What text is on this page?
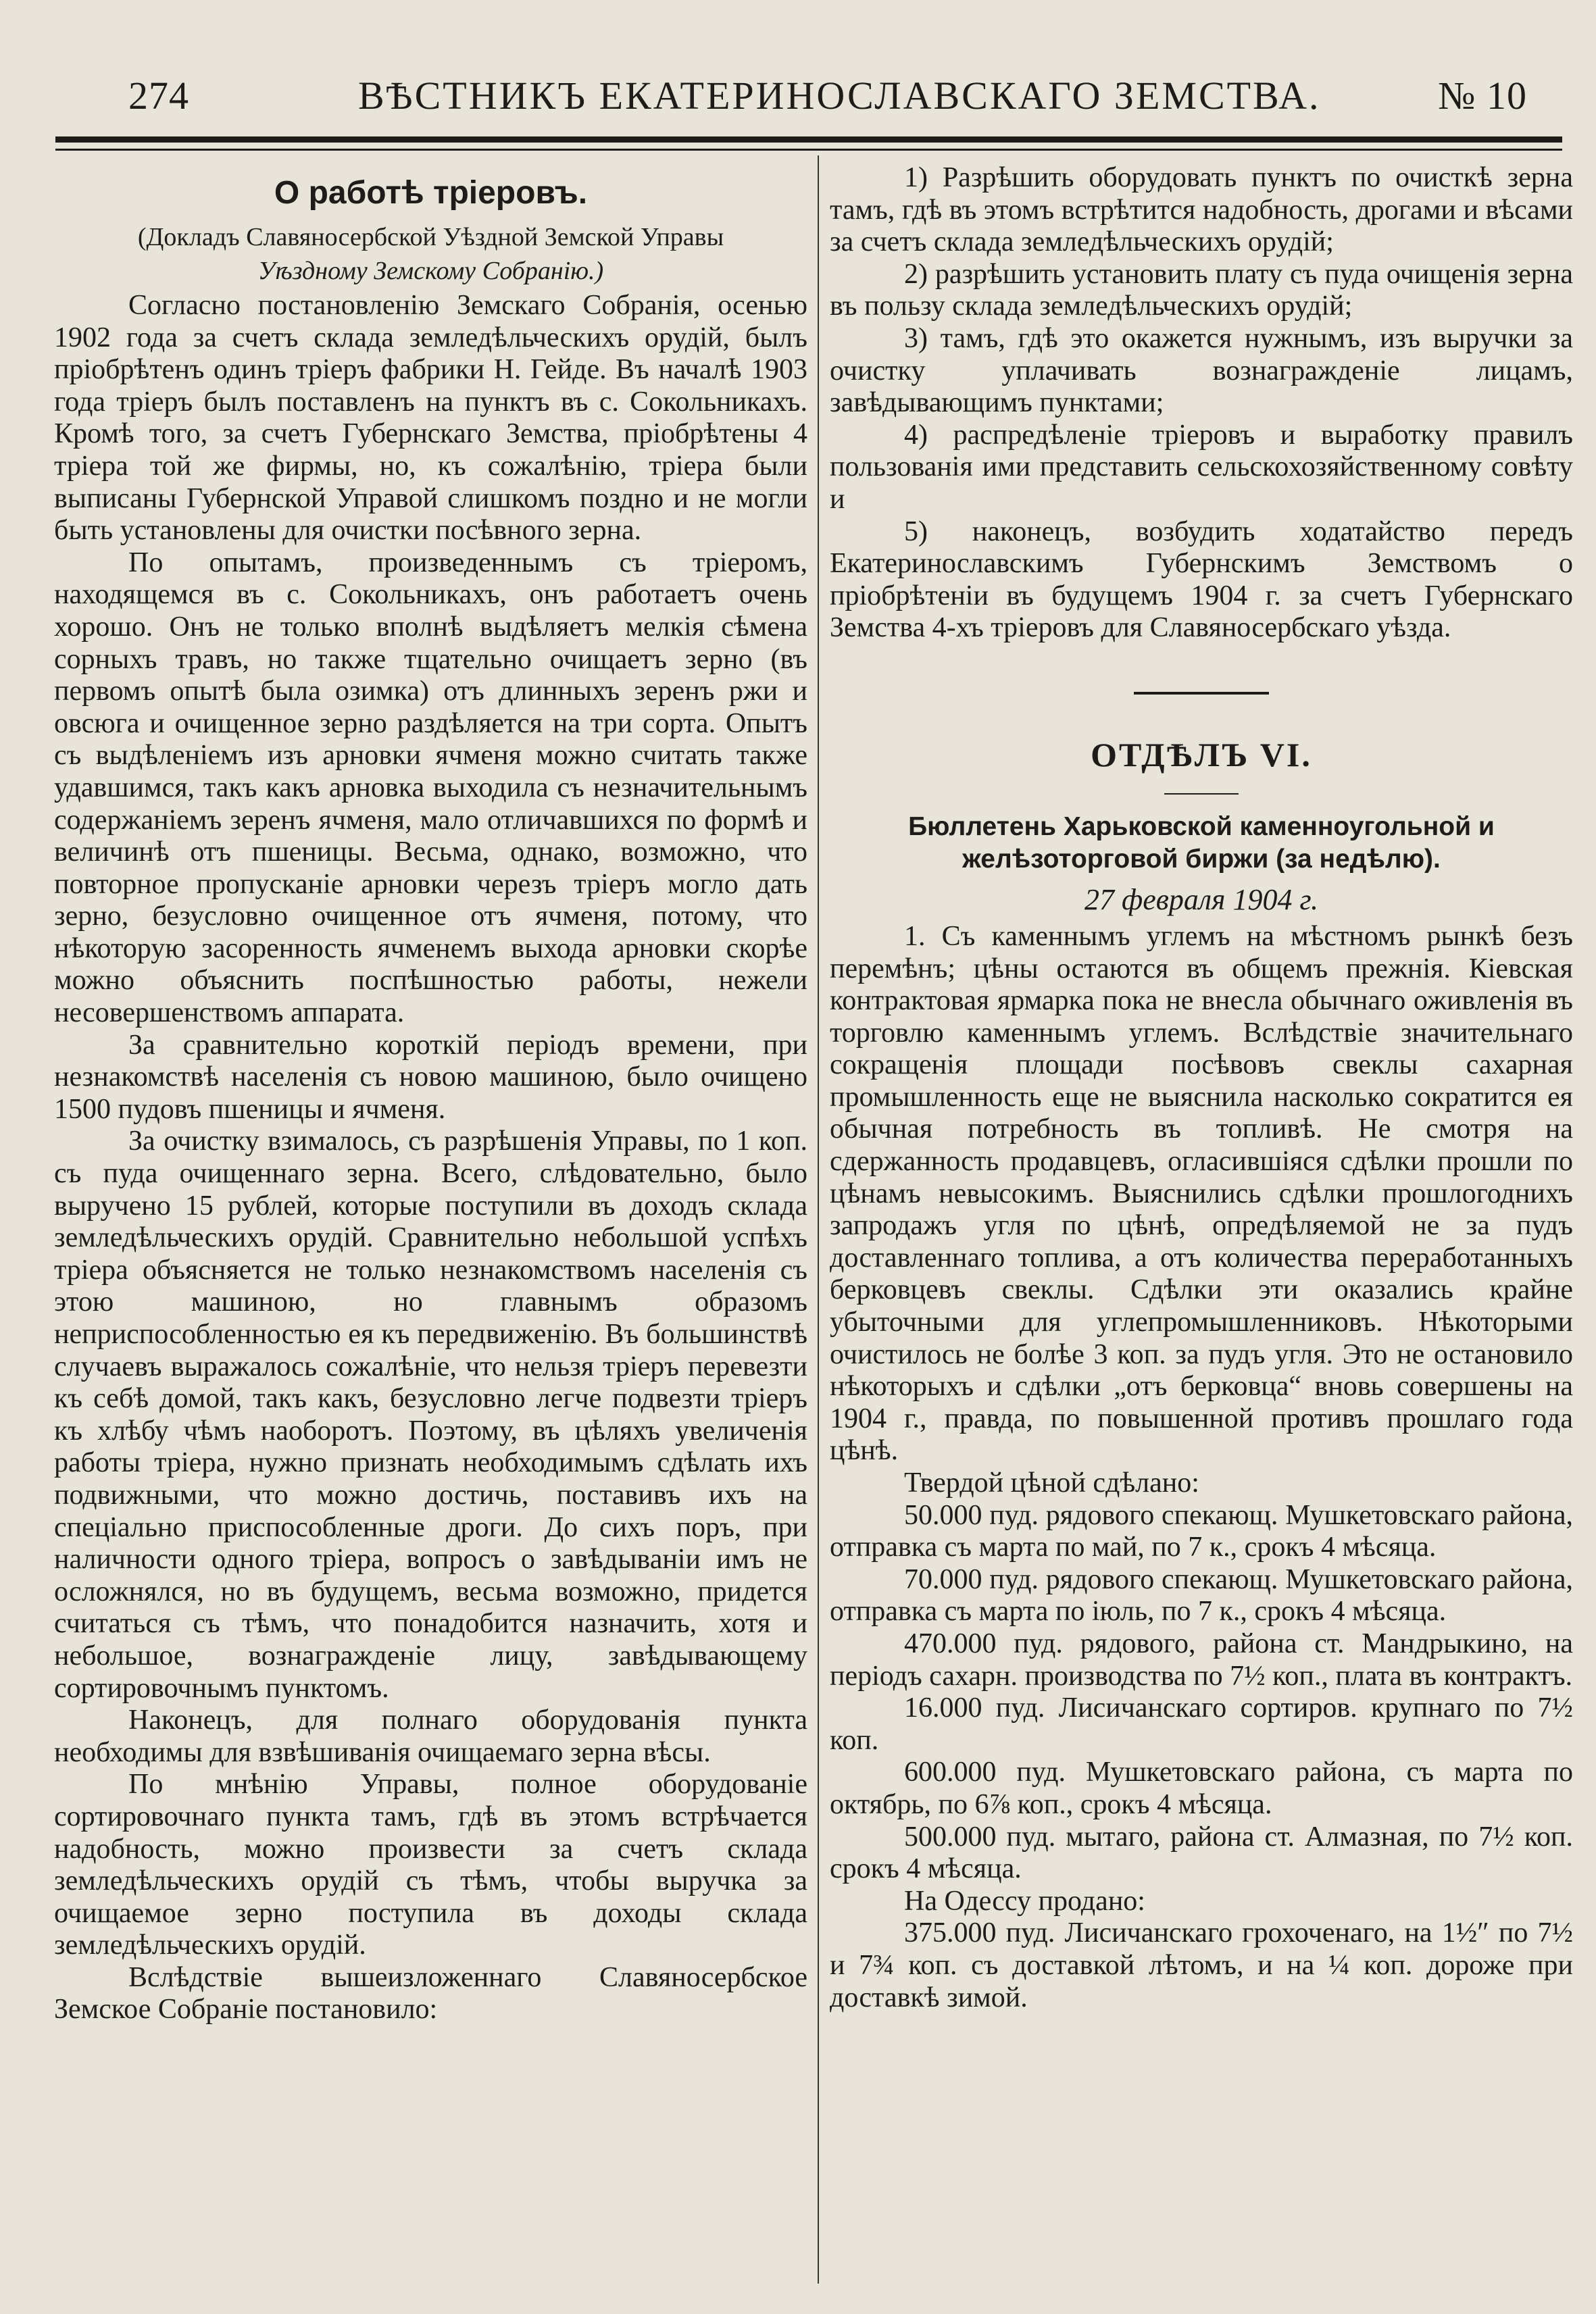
274	ВѢСТНИКЪ ЕКАТЕРИНОСЛАВСКАГО ЗЕМСТВА.	№ 10
О работѣ тріеровъ.

(Докладъ Славяносербской Уѣздной Земской Управы

Уѣздному Земскому Собранію.)

Согласно постановленію Земскаго Собранія, осенью 1902 года за счетъ склада земледѣльческихъ орудій, былъ пріобрѣтенъ одинъ тріеръ фабрики Н. Гейде. Въ началѣ 1903 года тріеръ былъ поставленъ на пунктъ въ с. Сокольникахъ. Кромѣ того, за счетъ Губернскаго Земства, пріобрѣтены 4 тріера той же фирмы, но, къ сожалѣнію, тріера были выписаны Губернской Управой слишкомъ поздно и не могли быть установлены для очистки посѣвного зерна.

По опытамъ, произведеннымъ съ тріеромъ, находящемся въ с. Сокольникахъ, онъ работаетъ очень хорошо. Онъ не только вполнѣ выдѣляетъ мелкія сѣмена сорныхъ травъ, но также тщательно очищаетъ зерно (въ первомъ опытѣ была озимка) отъ длинныхъ зеренъ ржи и овсюга и очищенное зерно раздѣляется на три сорта. Опытъ съ выдѣленіемъ изъ арновки ячменя можно считать также удавшимся, такъ какъ арновка выходила съ незначительнымъ содержаніемъ зеренъ ячменя, мало отличавшихся по формѣ и величинѣ отъ пшеницы. Весьма, однако, возможно, что повторное пропусканіе арновки черезъ тріеръ могло дать зерно, безусловно очищенное отъ ячменя, потому, что нѣкоторую засоренность ячменемъ выхода арновки скорѣе можно объяснить поспѣшностью работы, нежели несовершенствомъ аппарата.

За сравнительно короткій періодъ времени, при незнакомствѣ населенія съ новою машиною, было очищено 1500 пудовъ пшеницы и ячменя.

За очистку взималось, съ разрѣшенія Управы, по 1 коп. съ пуда очищеннаго зерна. Всего, слѣдовательно, было выручено 15 рублей, которые поступили въ доходъ склада земледѣльческихъ орудій. Сравнительно небольшой успѣхъ тріера объясняется не только незнакомствомъ населенія съ этою машиною, но главнымъ образомъ неприспособленностью ея къ передвиженію. Въ большинствѣ случаевъ выражалось сожалѣніе, что нельзя тріеръ перевезти къ себѣ домой, такъ какъ, безусловно легче подвезти тріеръ къ хлѣбу чѣмъ наоборотъ. Поэтому, въ цѣляхъ увеличенія работы тріера, нужно признать необходимымъ сдѣлать ихъ подвижными, что можно достичь, поставивъ ихъ на спеціально приспособленные дроги. До сихъ поръ, при наличности одного тріера, вопросъ о завѣдываніи имъ не осложнялся, но въ будущемъ, весьма возможно, придется считаться съ тѣмъ, что понадобится назначить, хотя и небольшое, вознагражденіе лицу, завѣдывающему сортировочнымъ пунктомъ.

Наконецъ, для полнаго оборудованія пункта необходимы для взвѣшиванія очищаемаго зерна вѣсы.

По мнѣнію Управы, полное оборудованіе сортировочнаго пункта тамъ, гдѣ въ этомъ встрѣчается надобность, можно произвести за счетъ склада земледѣльческихъ орудій съ тѣмъ, чтобы выручка за очищаемое зерно поступила въ доходы склада земледѣльческихъ орудій.

Вслѣдствіе вышеизложеннаго Славяносербское Земское Собраніе постановило:

1) Разрѣшить оборудовать пунктъ по очисткѣ зерна тамъ, гдѣ въ этомъ встрѣтится надобность, дрогами и вѣсами за счетъ склада земледѣльческихъ орудій;

2) разрѣшить установить плату съ пуда очищенія зерна въ пользу склада земледѣльческихъ орудій;

3) тамъ, гдѣ это окажется нужнымъ, изъ выручки за очистку уплачивать вознагражденіе лицамъ, завѣдывающимъ пунктами;

4) распредѣленіе тріеровъ и выработку правилъ пользованія ими представить сельскохозяйственному совѣту и

5) наконецъ, возбудить ходатайство передъ Екатеринославскимъ Губернскимъ Земствомъ о пріобрѣтеніи въ будущемъ 1904 г. за счетъ Губернскаго Земства 4-хъ тріеровъ для Славяносербскаго уѣзда.

ОТДѢЛЪ VI.

Бюллетень Харьковской каменноугольной и желѣзоторговой биржи (за недѣлю).

27 февраля 1904 г.

1. Съ каменнымъ углемъ на мѣстномъ рынкѣ безъ перемѣнъ; цѣны остаются въ общемъ прежнія. Кіевская контрактовая ярмарка пока не внесла обычнаго оживленія въ торговлю каменнымъ углемъ. Вслѣдствіе значительнаго сокращенія площади посѣвовъ свеклы сахарная промышленность еще не выяснила насколько сократится ея обычная потребность въ топливѣ. Не смотря на сдержанность продавцевъ, огласившіяся сдѣлки прошли по цѣнамъ невысокимъ. Выяснились сдѣлки прошлогоднихъ запродажъ угля по цѣнѣ, опредѣляемой не за пудъ доставленнаго топлива, а отъ количества переработанныхъ берковцевъ свеклы. Сдѣлки эти оказались крайне убыточными для углепромышленниковъ. Нѣкоторыми очистилось не болѣе 3 коп. за пудъ угля. Это не остановило нѣкоторыхъ и сдѣлки „отъ берковца“ вновь совершены на 1904 г., правда, по повышенной противъ прошлаго года цѣнѣ.

Твердой цѣной сдѣлано:

50.000 пуд. рядового спекающ. Мушкетовскаго района, отправка съ марта по май, по 7 к., срокъ 4 мѣсяца.

70.000 пуд. рядового спекающ. Мушкетовскаго района, отправка съ марта по іюль, по 7 к., срокъ 4 мѣсяца.

470.000 пуд. рядового, района ст. Мандрыкино, на періодъ сахарн. производства по 7½ коп., плата въ контрактъ.

16.000 пуд. Лисичанскаго сортиров. крупнаго по 7½ коп.

600.000 пуд. Мушкетовскаго района, съ марта по октябрь, по 6⅞ коп., срокъ 4 мѣсяца.

500.000 пуд. мытаго, района ст. Алмазная, по 7½ коп. срокъ 4 мѣсяца.

На Одессу продано:

375.000 пуд. Лисичанскаго грохоченаго, на 1½″ по 7½ и 7¾ коп. съ доставкой лѣтомъ, и на ¼ коп. дороже при доставкѣ зимой.
